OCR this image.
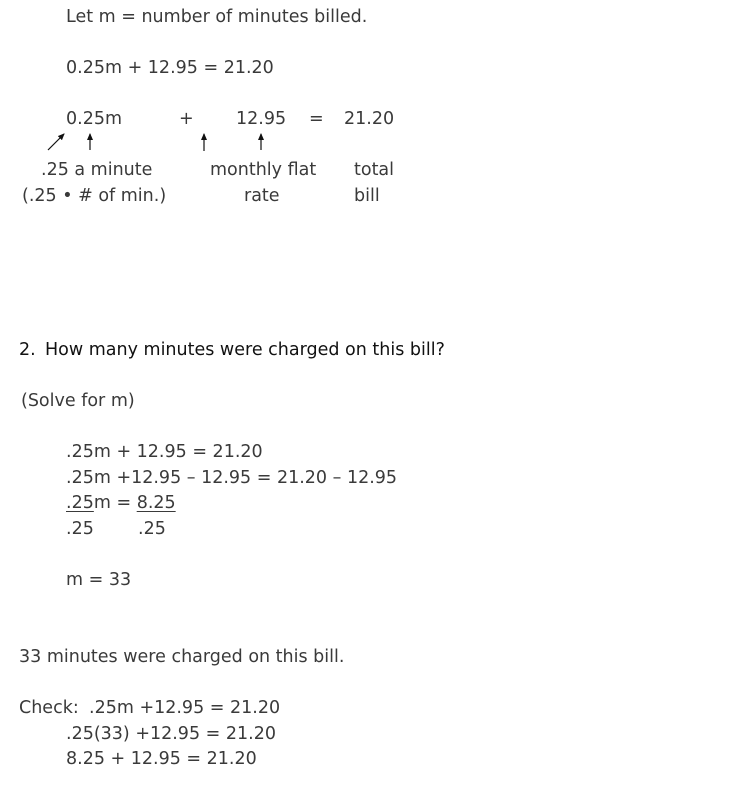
Let m = number of minutes billed.
0.25m + 12.95 = 21.20
0.25m	+ 12.95 = 21.20
.25 a minute
(.25 • # of min.)
monthly flat
rate
total
bill
2. How many minutes were charged on this bill?
(Solve for m)
.25m + 12.95 = 21.20
.25m +12.95 – 12.95 = 21.20 – 12.95
.25m = 8.25
.25	.25
m = 33
33 minutes were charged on this bill.
Check: .25m +12.95 = 21.20
.25(33) +12.95 = 21.20
8.25 + 12.95 = 21.20
